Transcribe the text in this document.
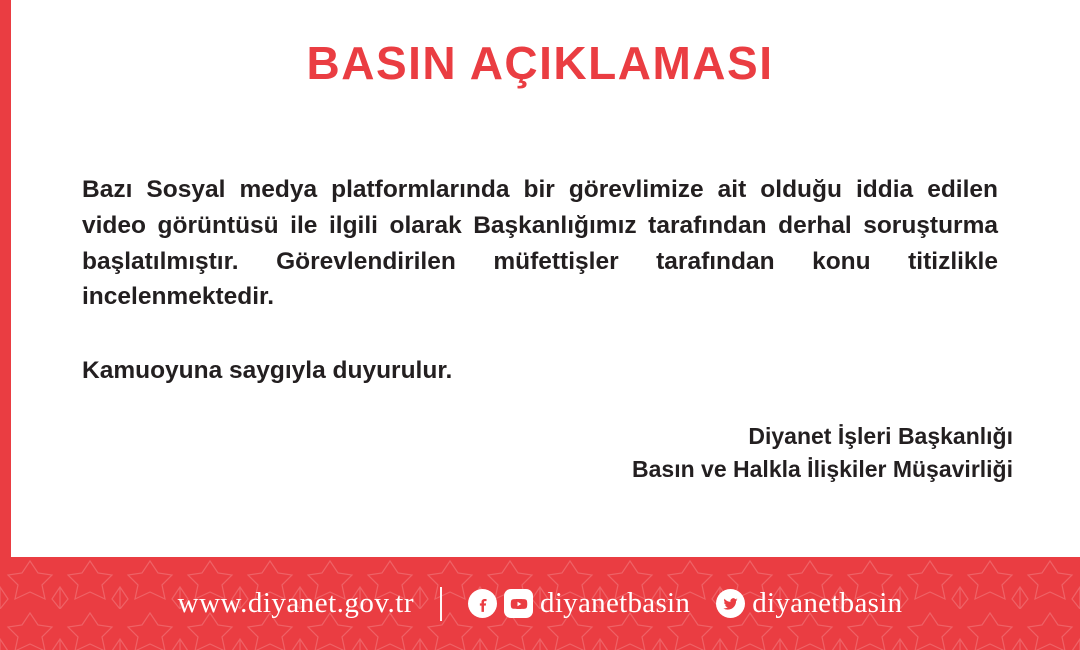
BASIN AÇIKLAMASI

Bazı Sosyal medya platformlarında bir görevlimize ait olduğu iddia edilen video görüntüsü ile ilgili olarak Başkanlığımız tarafından derhal soruşturma başlatılmıştır. Görevlendirilen müfettişler tarafından konu titizlikle incelenmektedir.

Kamuoyuna saygıyla duyurulur.

Diyanet İşleri Başkanlığı
Basın ve Halkla İlişkiler Müşavirliği
www.diyanet.gov.tr	diyanetbasin diyanetbasin
